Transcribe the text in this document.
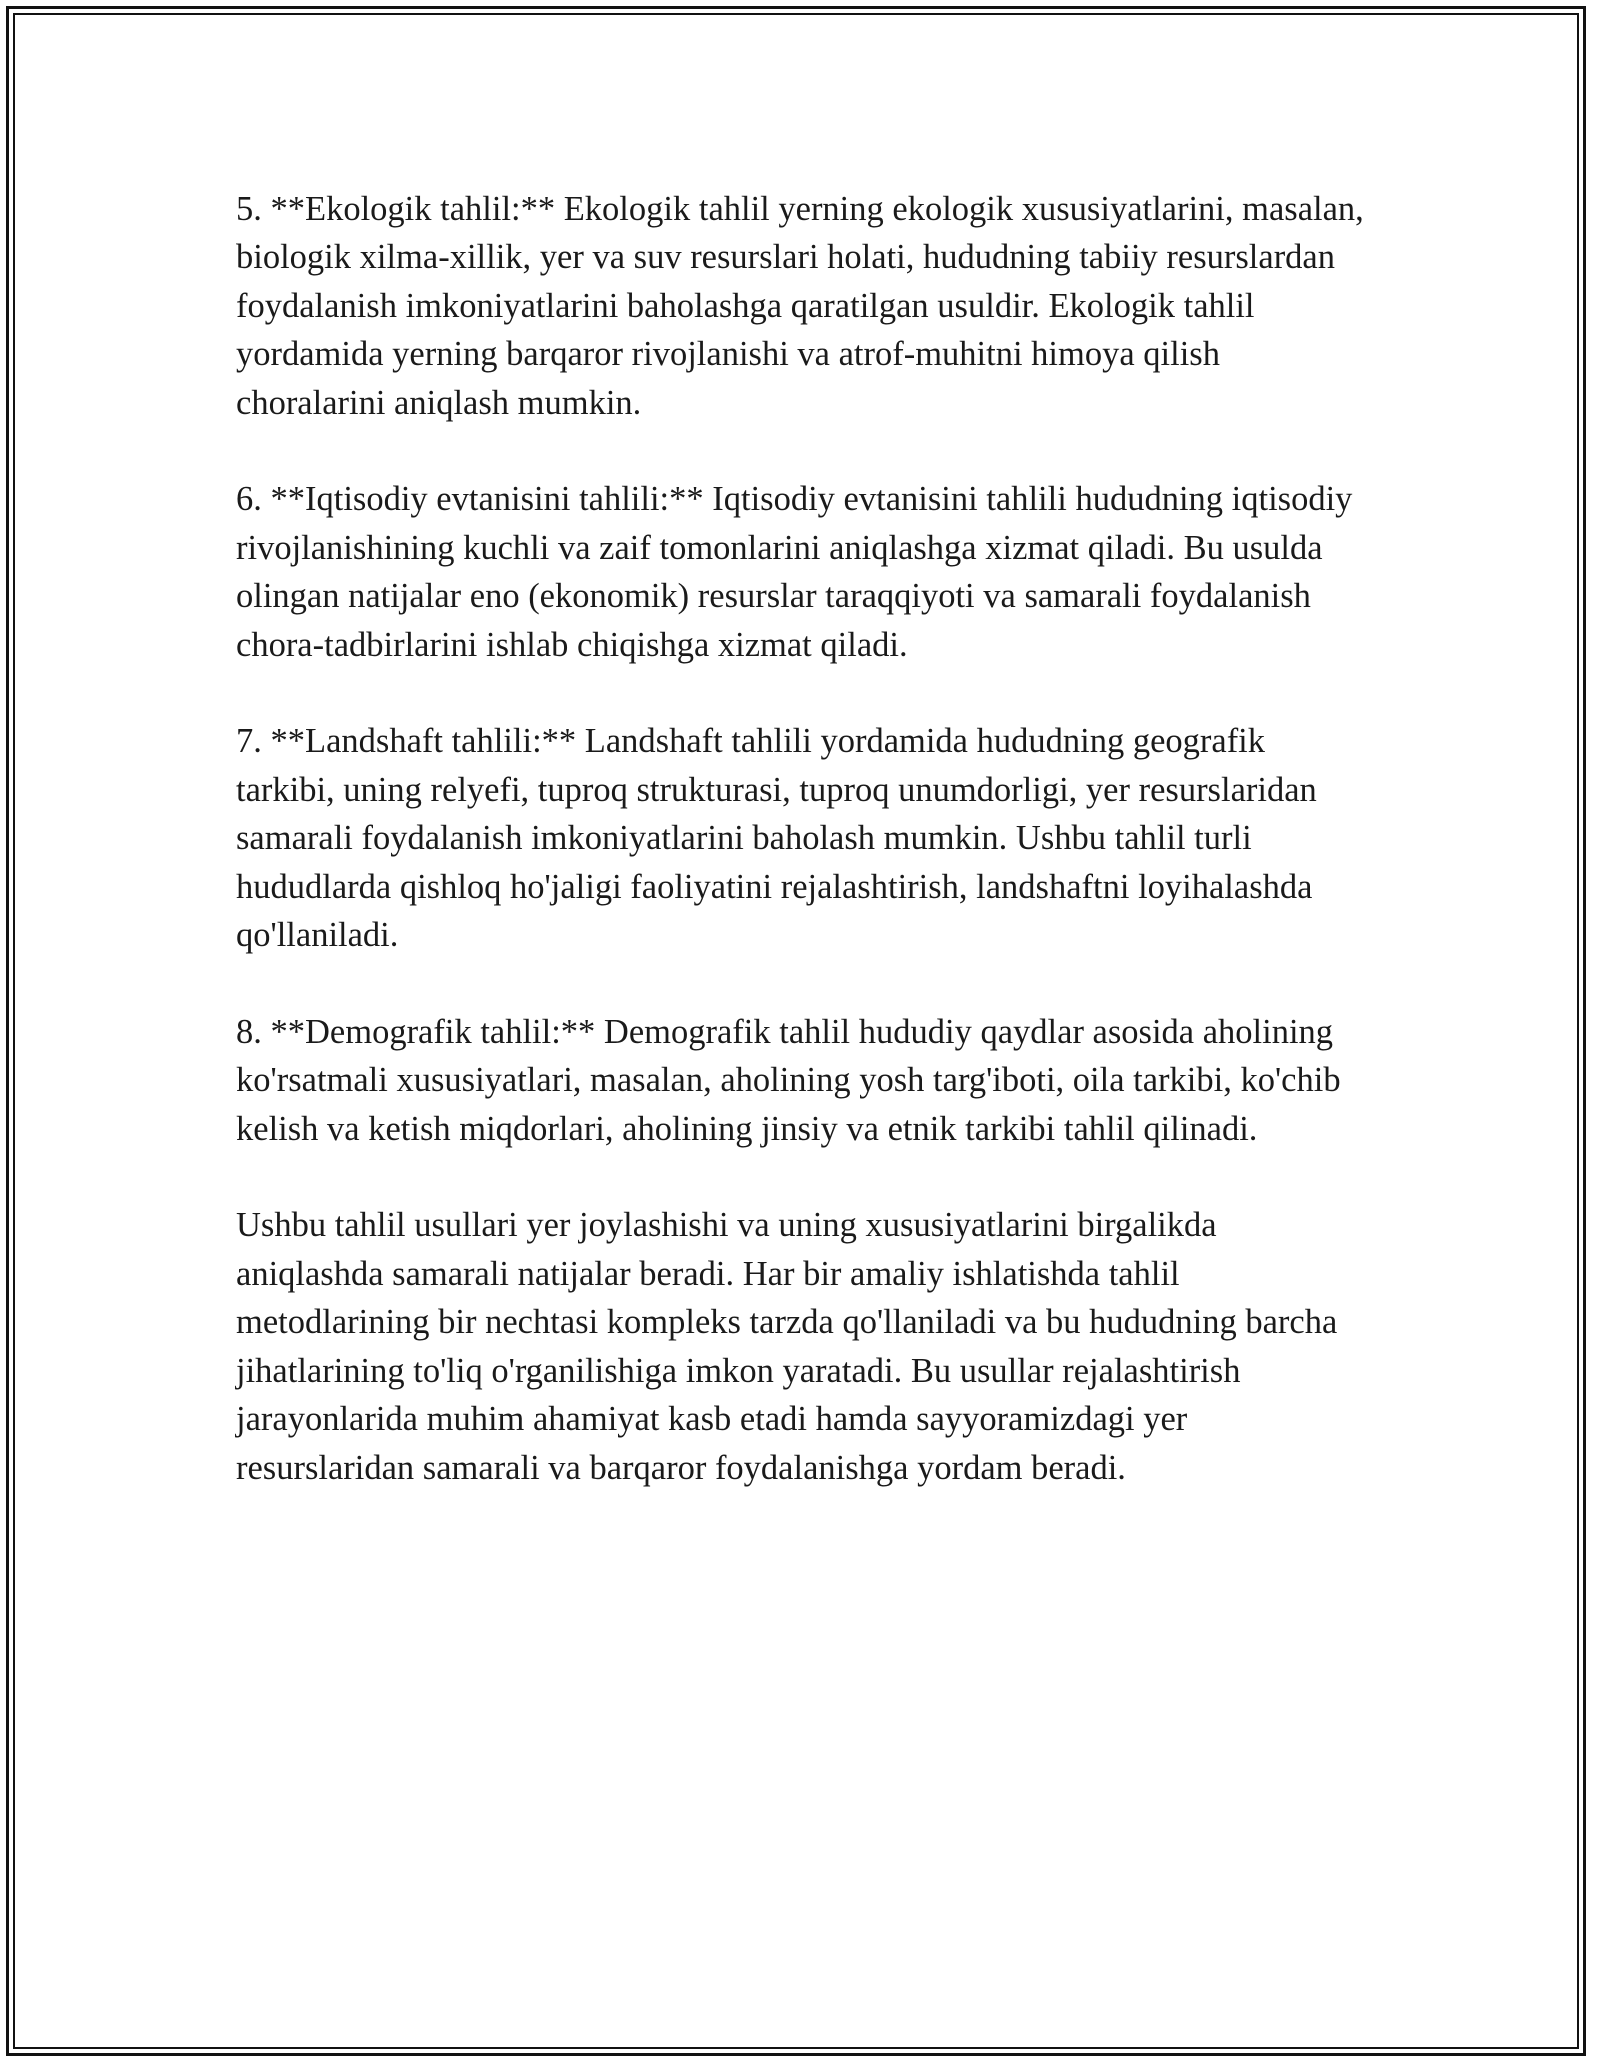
5. **Ekologik tahlil:** Ekologik tahlil yerning ekologik xususiyatlarini, masalan, biologik xilma-xillik, yer va suv resurslari holati, hududning tabiiy resurslardan foydalanish imkoniyatlarini baholashga qaratilgan usuldir. Ekologik tahlil yordamida yerning barqaror rivojlanishi va atrof-muhitni himoya qilish choralarini aniqlash mumkin.

6. **Iqtisodiy evtanisini tahlili:** Iqtisodiy evtanisini tahlili hududning iqtisodiy rivojlanishining kuchli va zaif tomonlarini aniqlashga xizmat qiladi. Bu usulda olingan natijalar eno (ekonomik) resurslar taraqqiyoti va samarali foydalanish chora-tadbirlarini ishlab chiqishga xizmat qiladi.

7. **Landshaft tahlili:** Landshaft tahlili yordamida hududning geografik tarkibi, uning relyefi, tuproq strukturasi, tuproq unumdorligi, yer resurslaridan samarali foydalanish imkoniyatlarini baholash mumkin. Ushbu tahlil turli hududlarda qishloq ho'jaligi faoliyatini rejalashtirish, landshaftni loyihalashda qo'llaniladi.

8. **Demografik tahlil:** Demografik tahlil hududiy qaydlar asosida aholining ko'rsatmali xususiyatlari, masalan, aholining yosh targ'iboti, oila tarkibi, ko'chib kelish va ketish miqdorlari, aholining jinsiy va etnik tarkibi tahlil qilinadi.

Ushbu tahlil usullari yer joylashishi va uning xususiyatlarini birgalikda aniqlashda samarali natijalar beradi. Har bir amaliy ishlatishda tahlil metodlarining bir nechtasi kompleks tarzda qo'llaniladi va bu hududning barcha jihatlarining to'liq o'rganilishiga imkon yaratadi. Bu usullar rejalashtirish jarayonlarida muhim ahamiyat kasb etadi hamda sayyoramizdagi yer resurslaridan samarali va barqaror foydalanishga yordam beradi.
